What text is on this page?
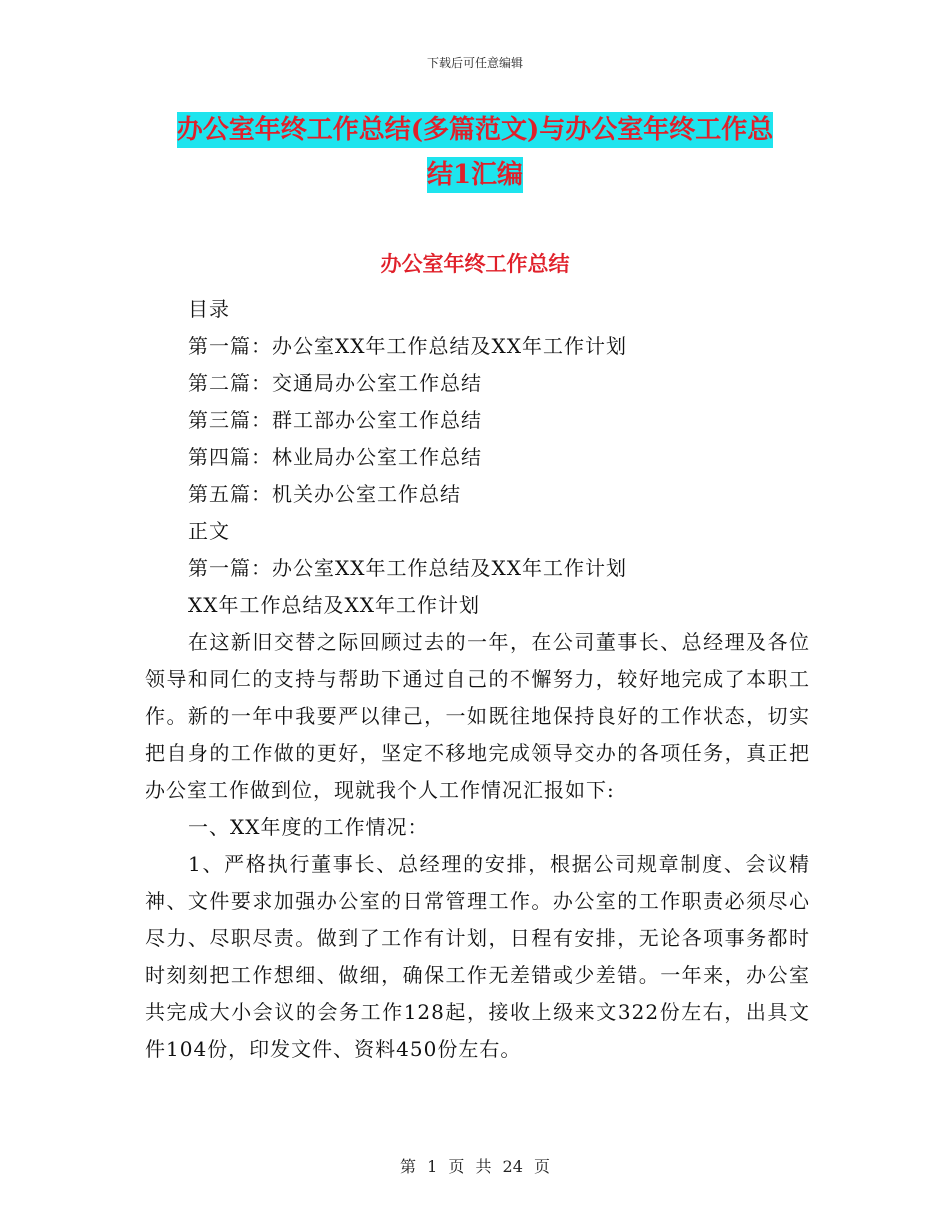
下载后可任意编辑
办公室年终工作总结(多篇范文)与办公室年终工作总
结1汇编
办公室年终工作总结

目录

第一篇：办公室XX年工作总结及XX年工作计划

第二篇：交通局办公室工作总结

第三篇：群工部办公室工作总结

第四篇：林业局办公室工作总结

第五篇：机关办公室工作总结

正文

第一篇：办公室XX年工作总结及XX年工作计划

XX年工作总结及XX年工作计划

在这新旧交替之际回顾过去的一年，在公司董事长、总经理及各位领导和同仁的支持与帮助下通过自己的不懈努力，较好地完成了本职工作。新的一年中我要严以律己，一如既往地保持良好的工作状态，切实把自身的工作做的更好，坚定不移地完成领导交办的各项任务，真正把办公室工作做到位，现就我个人工作情况汇报如下:

一、XX年度的工作情况：

1、严格执行董事长、总经理的安排，根据公司规章制度、会议精神、文件要求加强办公室的日常管理工作。办公室的工作职责必须尽心尽力、尽职尽责。做到了工作有计划，日程有安排，无论各项事务都时时刻刻把工作想细、做细，确保工作无差错或少差错。一年来，办公室共完成大小会议的会务工作128起，接收上级来文322份左右，出具文件104份，印发文件、资料450份左右。

第 1 页 共 24 页
